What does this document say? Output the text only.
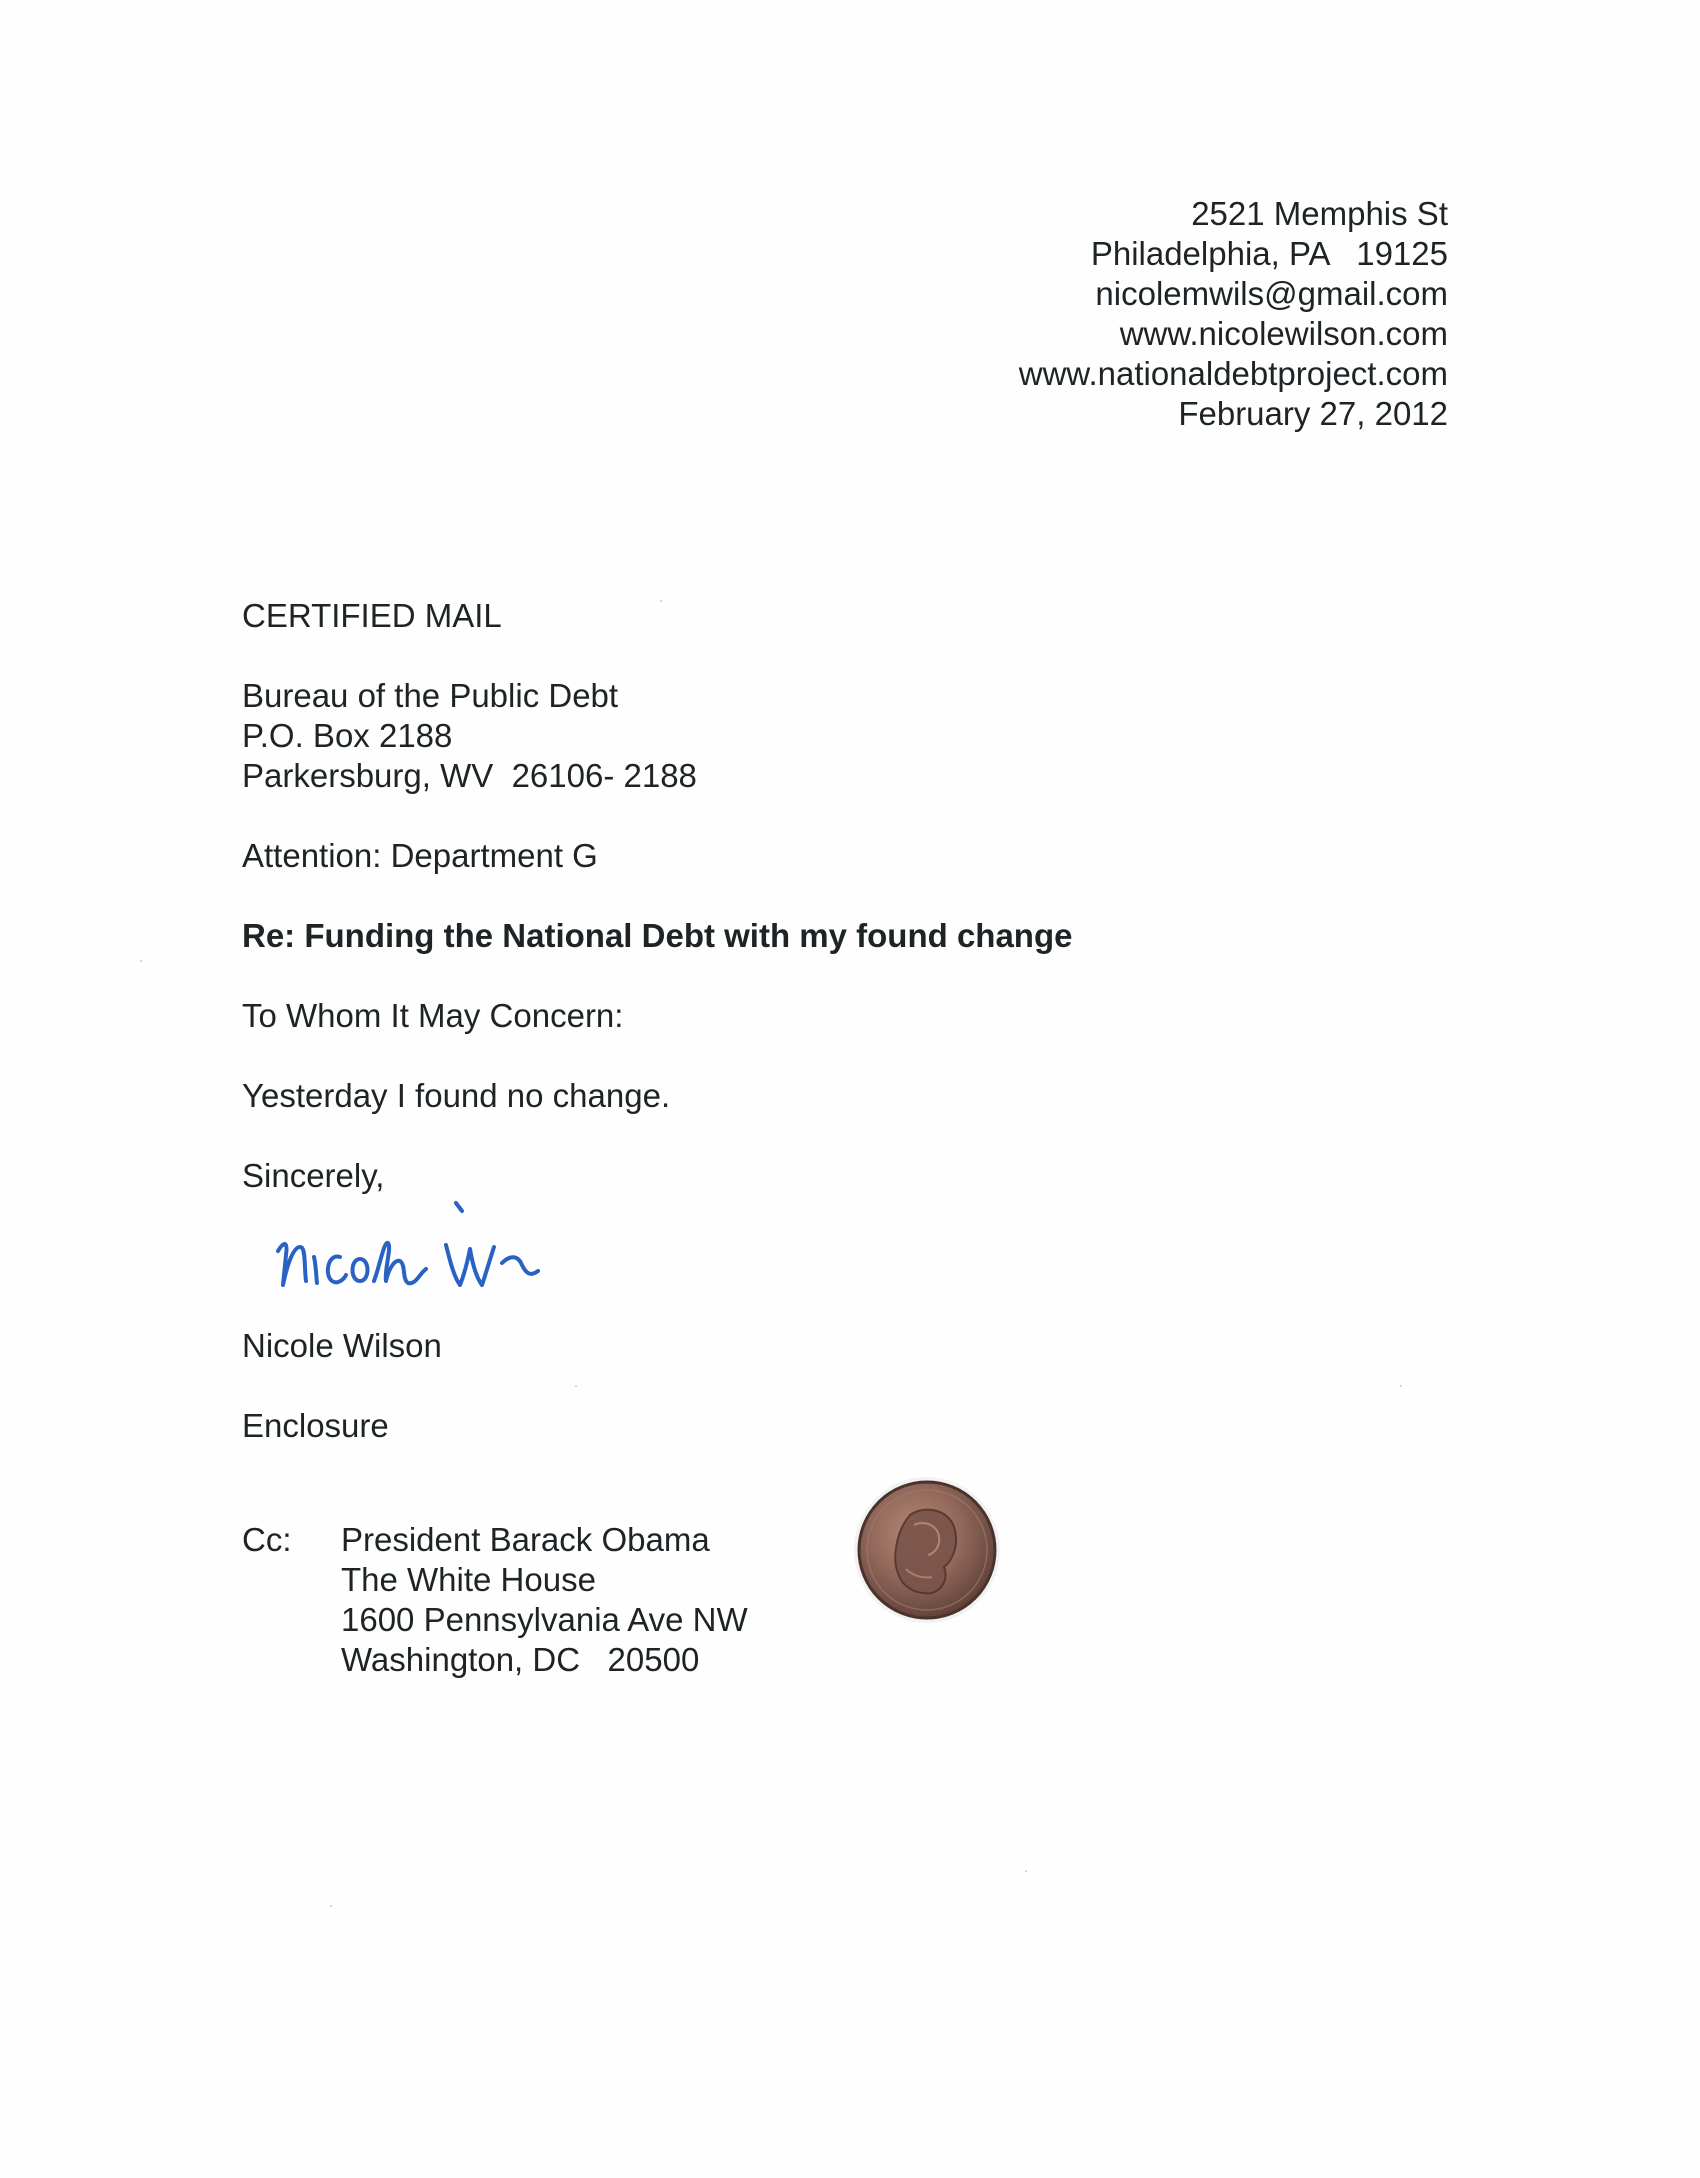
2521 Memphis St
Philadelphia, PA   19125
nicolemwils@gmail.com
www.nicolewilson.com
www.nationaldebtproject.com
February 27, 2012
CERTIFIED MAIL
Bureau of the Public Debt
P.O. Box 2188
Parkersburg, WV  26106- 2188
Attention: Department G
Re: Funding the National Debt with my found change
To Whom It May Concern:
Yesterday I found no change.
Sincerely,
Nicole Wilson
Enclosure
Cc: President Barack Obama
The White House
1600 Pennsylvania Ave NW
Washington, DC   20500
